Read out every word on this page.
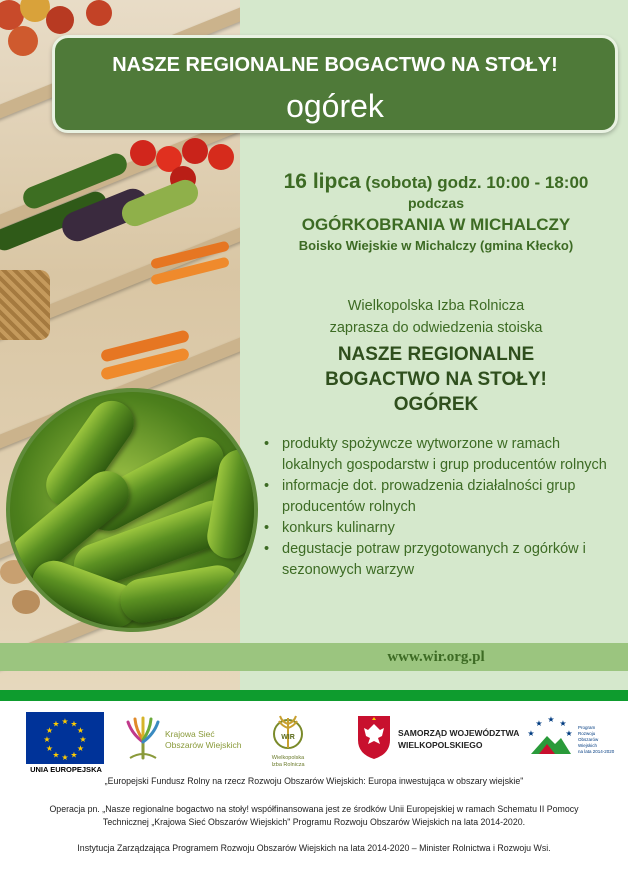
NASZE REGIONALNE BOGACTWO NA STOŁY!
ogórek
16 lipca (sobota) godz. 10:00 - 18:00
podczas
OGÓRKOBRANIA W MICHALCZY
Boisko Wiejskie w Michalczy (gmina Kłecko)
Wielkopolska Izba Rolnicza
zaprasza do odwiedzenia stoiska
NASZE REGIONALNE
BOGACTWO NA STOŁY!
OGÓREK
• produkty spożywcze wytworzone w ramach lokalnych gospodarstw i grup producentów rolnych
• informacje dot. prowadzenia działalności grup producentów rolnych
• konkurs kulinarny
• degustacje potraw przygotowanych z ogórków i sezonowych warzyw
www.wir.org.pl
★ ★
★
★
★
★
★
★
★
★
★
★
UNIA EUROPEJSKA
Krajowa Sieć
Obszarów Wiejskich
WIR
Wielkopolska
Izba Rolnicza
SAMORZĄD WOJEWÓDZTWA
WIELKOPOLSKIEGO
★
★ ★ ★
★
Program
Rozwoju
Obszarów
Wiejskich
na lata 2014-2020
„Europejski Fundusz Rolny na rzecz Rozwoju Obszarów Wiejskich: Europa inwestująca w obszary wiejskie"
Operacja pn. „Nasze regionalne bogactwo na stoły! współfinansowana jest ze środków Unii Europejskiej w ramach Schematu II Pomocy
Technicznej „Krajowa Sieć Obszarów Wiejskich" Programu Rozwoju Obszarów Wiejskich na lata 2014-2020.
Instytucja Zarządzająca Programem Rozwoju Obszarów Wiejskich na lata 2014-2020 – Minister Rolnictwa i Rozwoju Wsi.
